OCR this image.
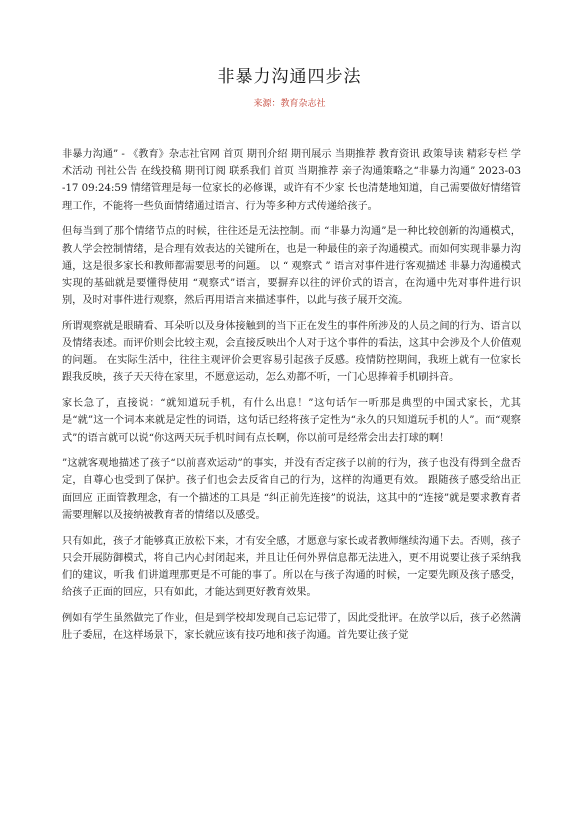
非暴力沟通四步法
来源：教育杂志社

非暴力沟通” - 《教育》杂志社官网 首页 期刊介绍 期刊展示 当期推荐 教育资讯 政策导读 精彩专栏 学术活动 刊社公告 在线投稿 期刊订阅 联系我们 首页 当期推荐 亲子沟通策略之“非暴力沟通” 2023-03-17 09:24:59 情绪管理是每一位家长的必修课，或许有不少家 长也清楚地知道，自己需要做好情绪管理工作，不能将一些负面情绪通过语言、行为等多种方式传递给孩子。

但每当到了那个情绪节点的时候，往往还是无法控制。而 “非暴力沟通”是一种比较创新的沟通模式，教人学会控制情绪，是合理有效表达的关键所在，也是一种最佳的亲子沟通模式。而如何实现非暴力沟通，这是很多家长和教师都需要思考的问题。 以 “ 观察式 ” 语言对事件进行客观描述 非暴力沟通模式实现的基础就是要懂得使用 “观察式”语言，要摒弃以往的评价式的语言，在沟通中先对事件进行识别，及时对事件进行观察，然后再用语言来描述事件，以此与孩子展开交流。

所谓观察就是眼睛看、耳朵听以及身体接触到的当下正在发生的事件所涉及的人员之间的行为、语言以及情绪表述。而评价则会比较主观，会直接反映出个人对于这个事件的看法，这其中会涉及个人价值观的问题。 在实际生活中，往往主观评价会更容易引起孩子反感。疫情防控期间，我班上就有一位家长跟我反映，孩子天天待在家里，不愿意运动，怎么劝都不听，一门心思捧着手机刷抖音。

家长急了，直接说：“就知道玩手机，有什么出息！”这句话乍一听那是典型的中国式家长，尤其是“就”这一个词本来就是定性的词语，这句话已经将孩子定性为“永久的只知道玩手机的人”。而“观察式”的语言就可以说“你这两天玩手机时间有点长啊，你以前可是经常会出去打球的啊！

”这就客观地描述了孩子“以前喜欢运动”的事实，并没有否定孩子以前的行为，孩子也没有得到全盘否定，自尊心也受到了保护。孩子们也会去反省自己的行为，这样的沟通更有效。 跟随孩子感受给出正面回应 正面管教理念，有一个描述的工具是 “纠正前先连接”的说法，这其中的“连接”就是要求教育者需要理解以及接纳被教育者的情绪以及感受。

只有如此，孩子才能够真正放松下来，才有安全感，才愿意与家长或者教师继续沟通下去。否则，孩子只会开展防御模式，将自己内心封闭起来，并且让任何外界信息都无法进入，更不用说要让孩子采纳我们的建议，听我 们讲道理那更是不可能的事了。所以在与孩子沟通的时候，一定要先顾及孩子感受，给孩子正面的回应，只有如此，才能达到更好教育效果。

例如有学生虽然做完了作业，但是到学校却发现自己忘记带了，因此受批评。在放学以后，孩子必然满肚子委屈，在这样场景下，家长就应该有技巧地和孩子沟通。首先要让孩子觉
